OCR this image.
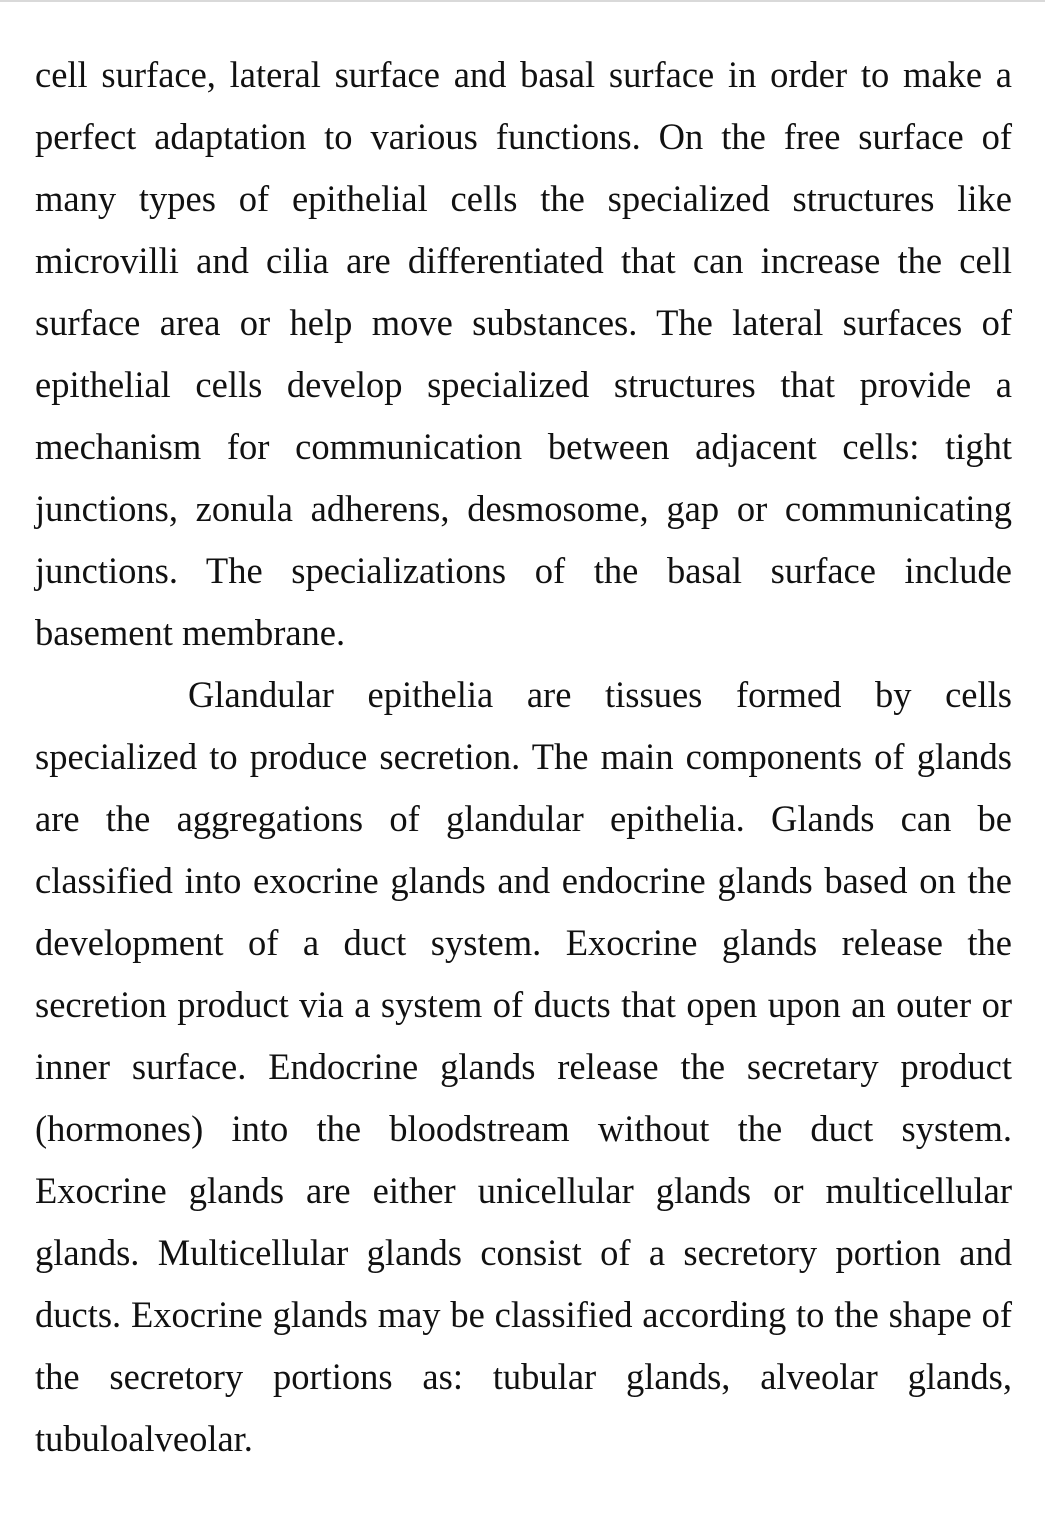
cell surface, lateral surface and basal surface in order to make a perfect adaptation to various functions. On the free surface of many types of epithelial cells the specialized structures like microvilli and cilia are differentiated that can increase the cell surface area or help move substances. The lateral surfaces of epithelial cells develop specialized structures that provide a mechanism for communication between adjacent cells: tight junctions, zonula adherens, desmosome, gap or communicating junctions. The specializations of the basal surface include basement membrane.

Glandular epithelia are tissues formed by cells specialized to produce secretion. The main components of glands are the aggregations of glandular epithelia. Glands can be classified into exocrine glands and endocrine glands based on the development of a duct system. Exocrine glands release the secretion product via a system of ducts that open upon an outer or inner surface. Endocrine glands release the secretary product (hormones) into the bloodstream without the duct system. Exocrine glands are either unicellular glands or multicellular glands. Multicellular glands consist of a secretory portion and ducts. Exocrine glands may be classified according to the shape of the secretory portions as: tubular glands, alveolar glands, tubuloalveolar.
